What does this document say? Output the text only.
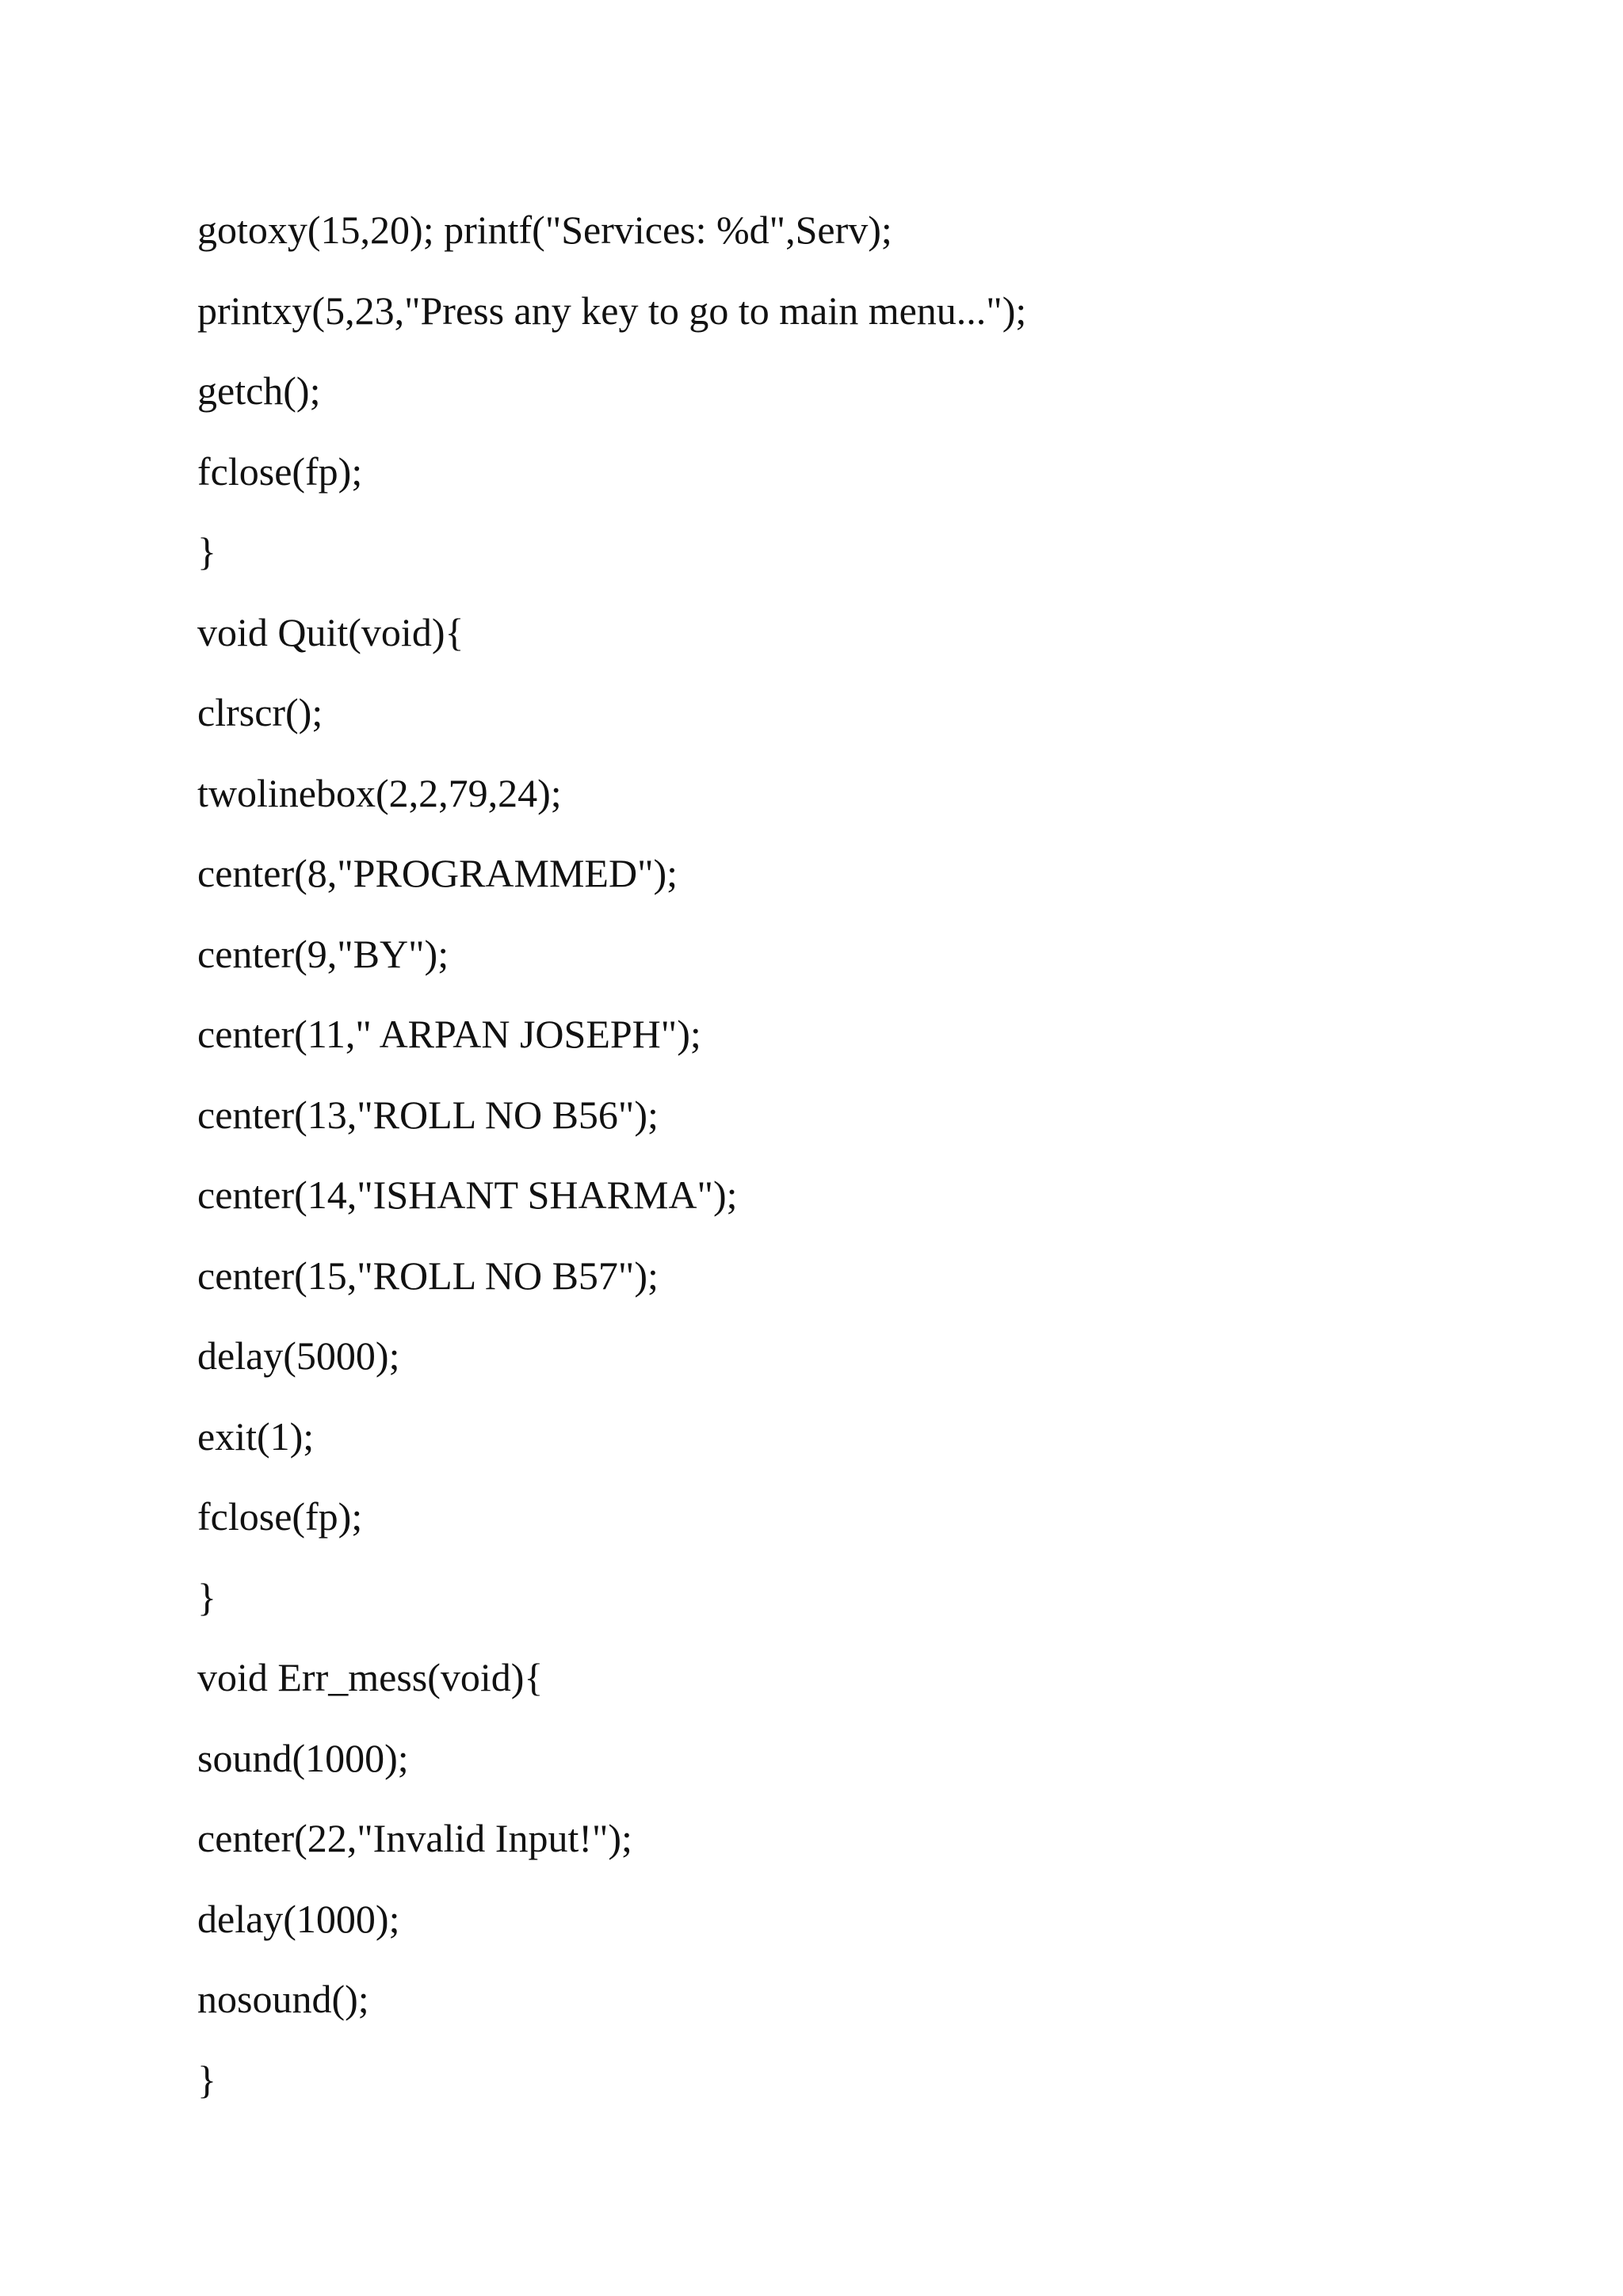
gotoxy(15,20); printf("Services: %d",Serv);
printxy(5,23,"Press any key to go to main menu...");
getch();
fclose(fp);
}
void Quit(void){
clrscr();
twolinebox(2,2,79,24);
center(8,"PROGRAMMED");
center(9,"BY");
center(11," ARPAN JOSEPH");
center(13,"ROLL NO B56");
center(14,"ISHANT SHARMA");
center(15,"ROLL NO B57");
delay(5000);
exit(1);
fclose(fp);
}
void Err_mess(void){
sound(1000);
center(22,"Invalid Input!");
delay(1000);
nosound();
}
